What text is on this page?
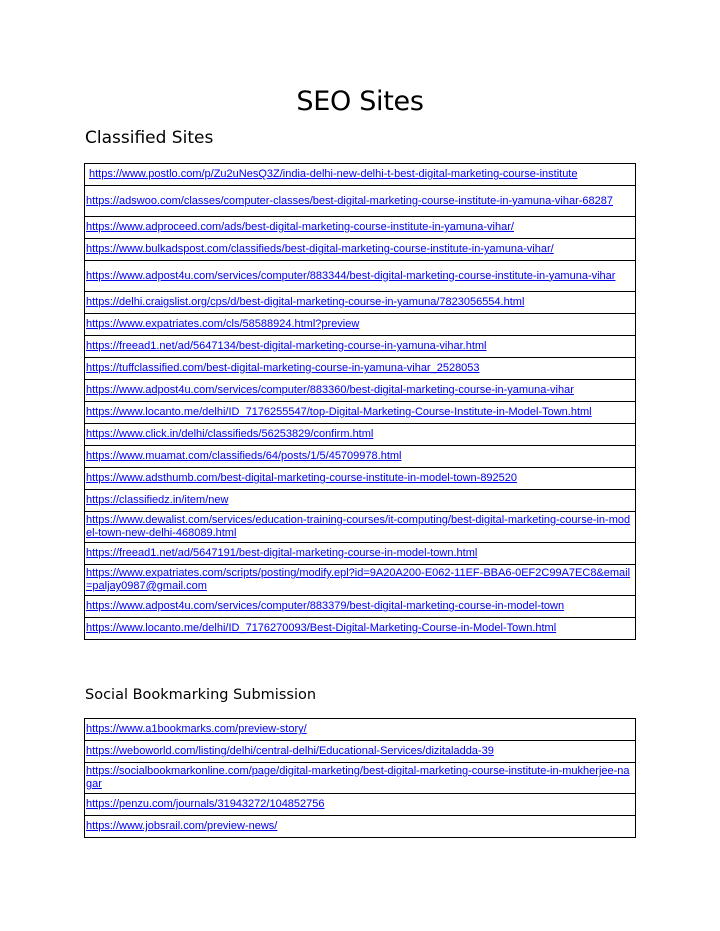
SEO Sites
Classified Sites
https://www.postlo.com/p/Zu2uNesQ3Z/india-delhi-new-delhi-t-best-digital-marketing-course-institute
https://adswoo.com/classes/computer-classes/best-digital-marketing-course-institute-in-yamuna-vihar-68287
https://www.adproceed.com/ads/best-digital-marketing-course-institute-in-yamuna-vihar/
https://www.bulkadspost.com/classifieds/best-digital-marketing-course-institute-in-yamuna-vihar/
https://www.adpost4u.com/services/computer/883344/best-digital-marketing-course-institute-in-yamuna-vihar
https://delhi.craigslist.org/cps/d/best-digital-marketing-course-in-yamuna/7823056554.html
https://www.expatriates.com/cls/58588924.html?preview
https://freead1.net/ad/5647134/best-digital-marketing-course-in-yamuna-vihar.html
https://tuffclassified.com/best-digital-marketing-course-in-yamuna-vihar_2528053
https://www.adpost4u.com/services/computer/883360/best-digital-marketing-course-in-yamuna-vihar
https://www.locanto.me/delhi/ID_7176255547/top-Digital-Marketing-Course-Institute-in-Model-Town.html
https://www.click.in/delhi/classifieds/56253829/confirm.html
https://www.muamat.com/classifieds/64/posts/1/5/45709978.html
https://www.adsthumb.com/best-digital-marketing-course-institute-in-model-town-892520
https://classifiedz.in/item/new
https://www.dewalist.com/services/education-training-courses/it-computing/best-digital-marketing-course-in-model-town-new-delhi-468089.html
https://freead1.net/ad/5647191/best-digital-marketing-course-in-model-town.html
https://www.expatriates.com/scripts/posting/modify.epl?id=9A20A200-E062-11EF-BBA6-0EF2C99A7EC8&email=paljay0987@gmail.com
https://www.adpost4u.com/services/computer/883379/best-digital-marketing-course-in-model-town
https://www.locanto.me/delhi/ID_7176270093/Best-Digital-Marketing-Course-in-Model-Town.html
Social Bookmarking Submission
https://www.a1bookmarks.com/preview-story/
https://weboworld.com/listing/delhi/central-delhi/Educational-Services/dizitaladda-39
https://socialbookmarkonline.com/page/digital-marketing/best-digital-marketing-course-institute-in-mukherjee-nagar
https://penzu.com/journals/31943272/104852756
https://www.jobsrail.com/preview-news/
